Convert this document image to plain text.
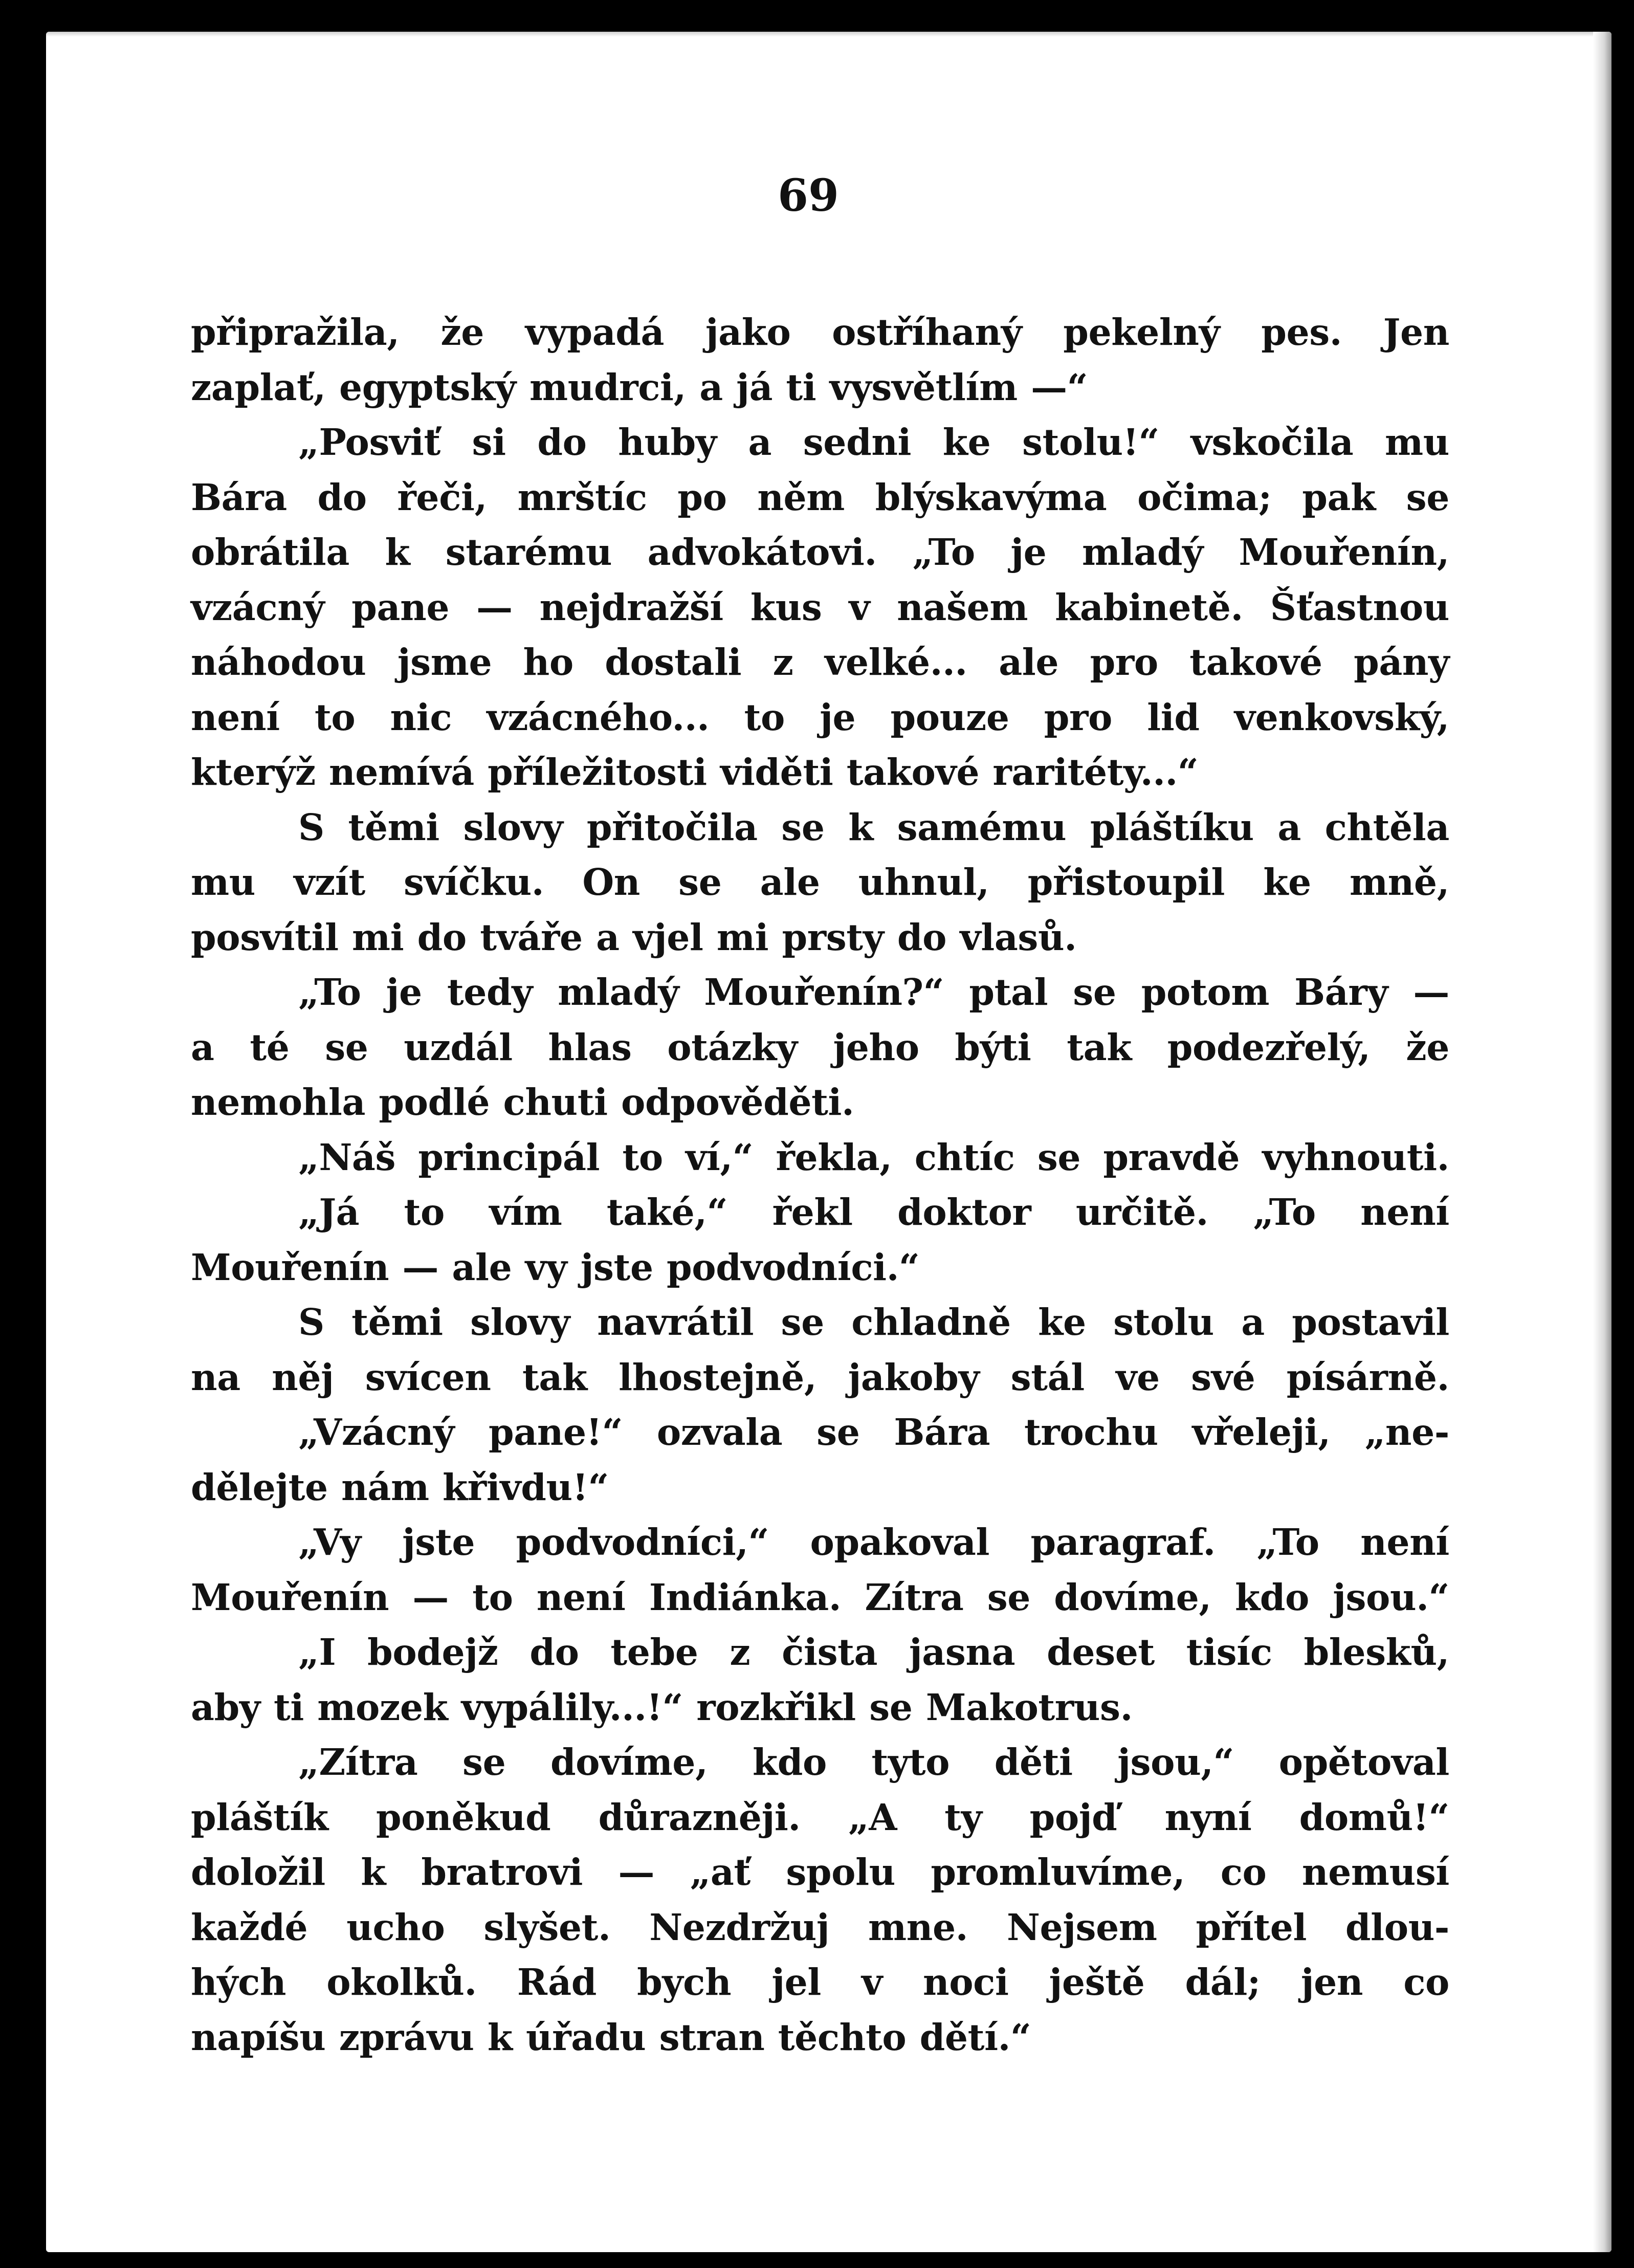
69

připražila, že vypadá jako ostříhaný pekelný pes. Jen
zaplať, egyptský mudrci, a já ti vysvětlím —“
„Posviť si do huby a sedni ke stolu!“ vskočila mu
Bára do řeči, mrštíc po něm blýskavýma očima; pak se
obrátila k starému advokátovi. „To je mladý Mouřenín,
vzácný pane — nejdražší kus v našem kabinetě. Šťastnou
náhodou jsme ho dostali z velké... ale pro takové pány
není to nic vzácného... to je pouze pro lid venkovský,
kterýž nemívá příležitosti viděti takové raritéty...“
S těmi slovy přitočila se k samému pláštíku a chtěla
mu vzít svíčku. On se ale uhnul, přistoupil ke mně,
posvítil mi do tváře a vjel mi prsty do vlasů.
„To je tedy mladý Mouřenín?“ ptal se potom Báry —
a té se uzdál hlas otázky jeho býti tak podezřelý, že
nemohla podlé chuti odpověděti.
„Náš principál to ví,“ řekla, chtíc se pravdě vyhnouti.
„Já to vím také,“ řekl doktor určitě. „To není
Mouřenín — ale vy jste podvodníci.“
S těmi slovy navrátil se chladně ke stolu a postavil
na něj svícen tak lhostejně, jakoby stál ve své písárně.
„Vzácný pane!“ ozvala se Bára trochu vřeleji, „ne-
dělejte nám křivdu!“
„Vy jste podvodníci,“ opakoval paragraf. „To není
Mouřenín — to není Indiánka. Zítra se dovíme, kdo jsou.“
„I bodejž do tebe z čista jasna deset tisíc blesků,
aby ti mozek vypálily...!“ rozkřikl se Makotrus.
„Zítra se dovíme, kdo tyto děti jsou,“ opětoval
pláštík poněkud důrazněji. „A ty pojď nyní domů!“
doložil k bratrovi — „ať spolu promluvíme, co nemusí
každé ucho slyšet. Nezdržuj mne. Nejsem přítel dlou-
hých okolků. Rád bych jel v noci ještě dál; jen co
napíšu zprávu k úřadu stran těchto dětí.“
